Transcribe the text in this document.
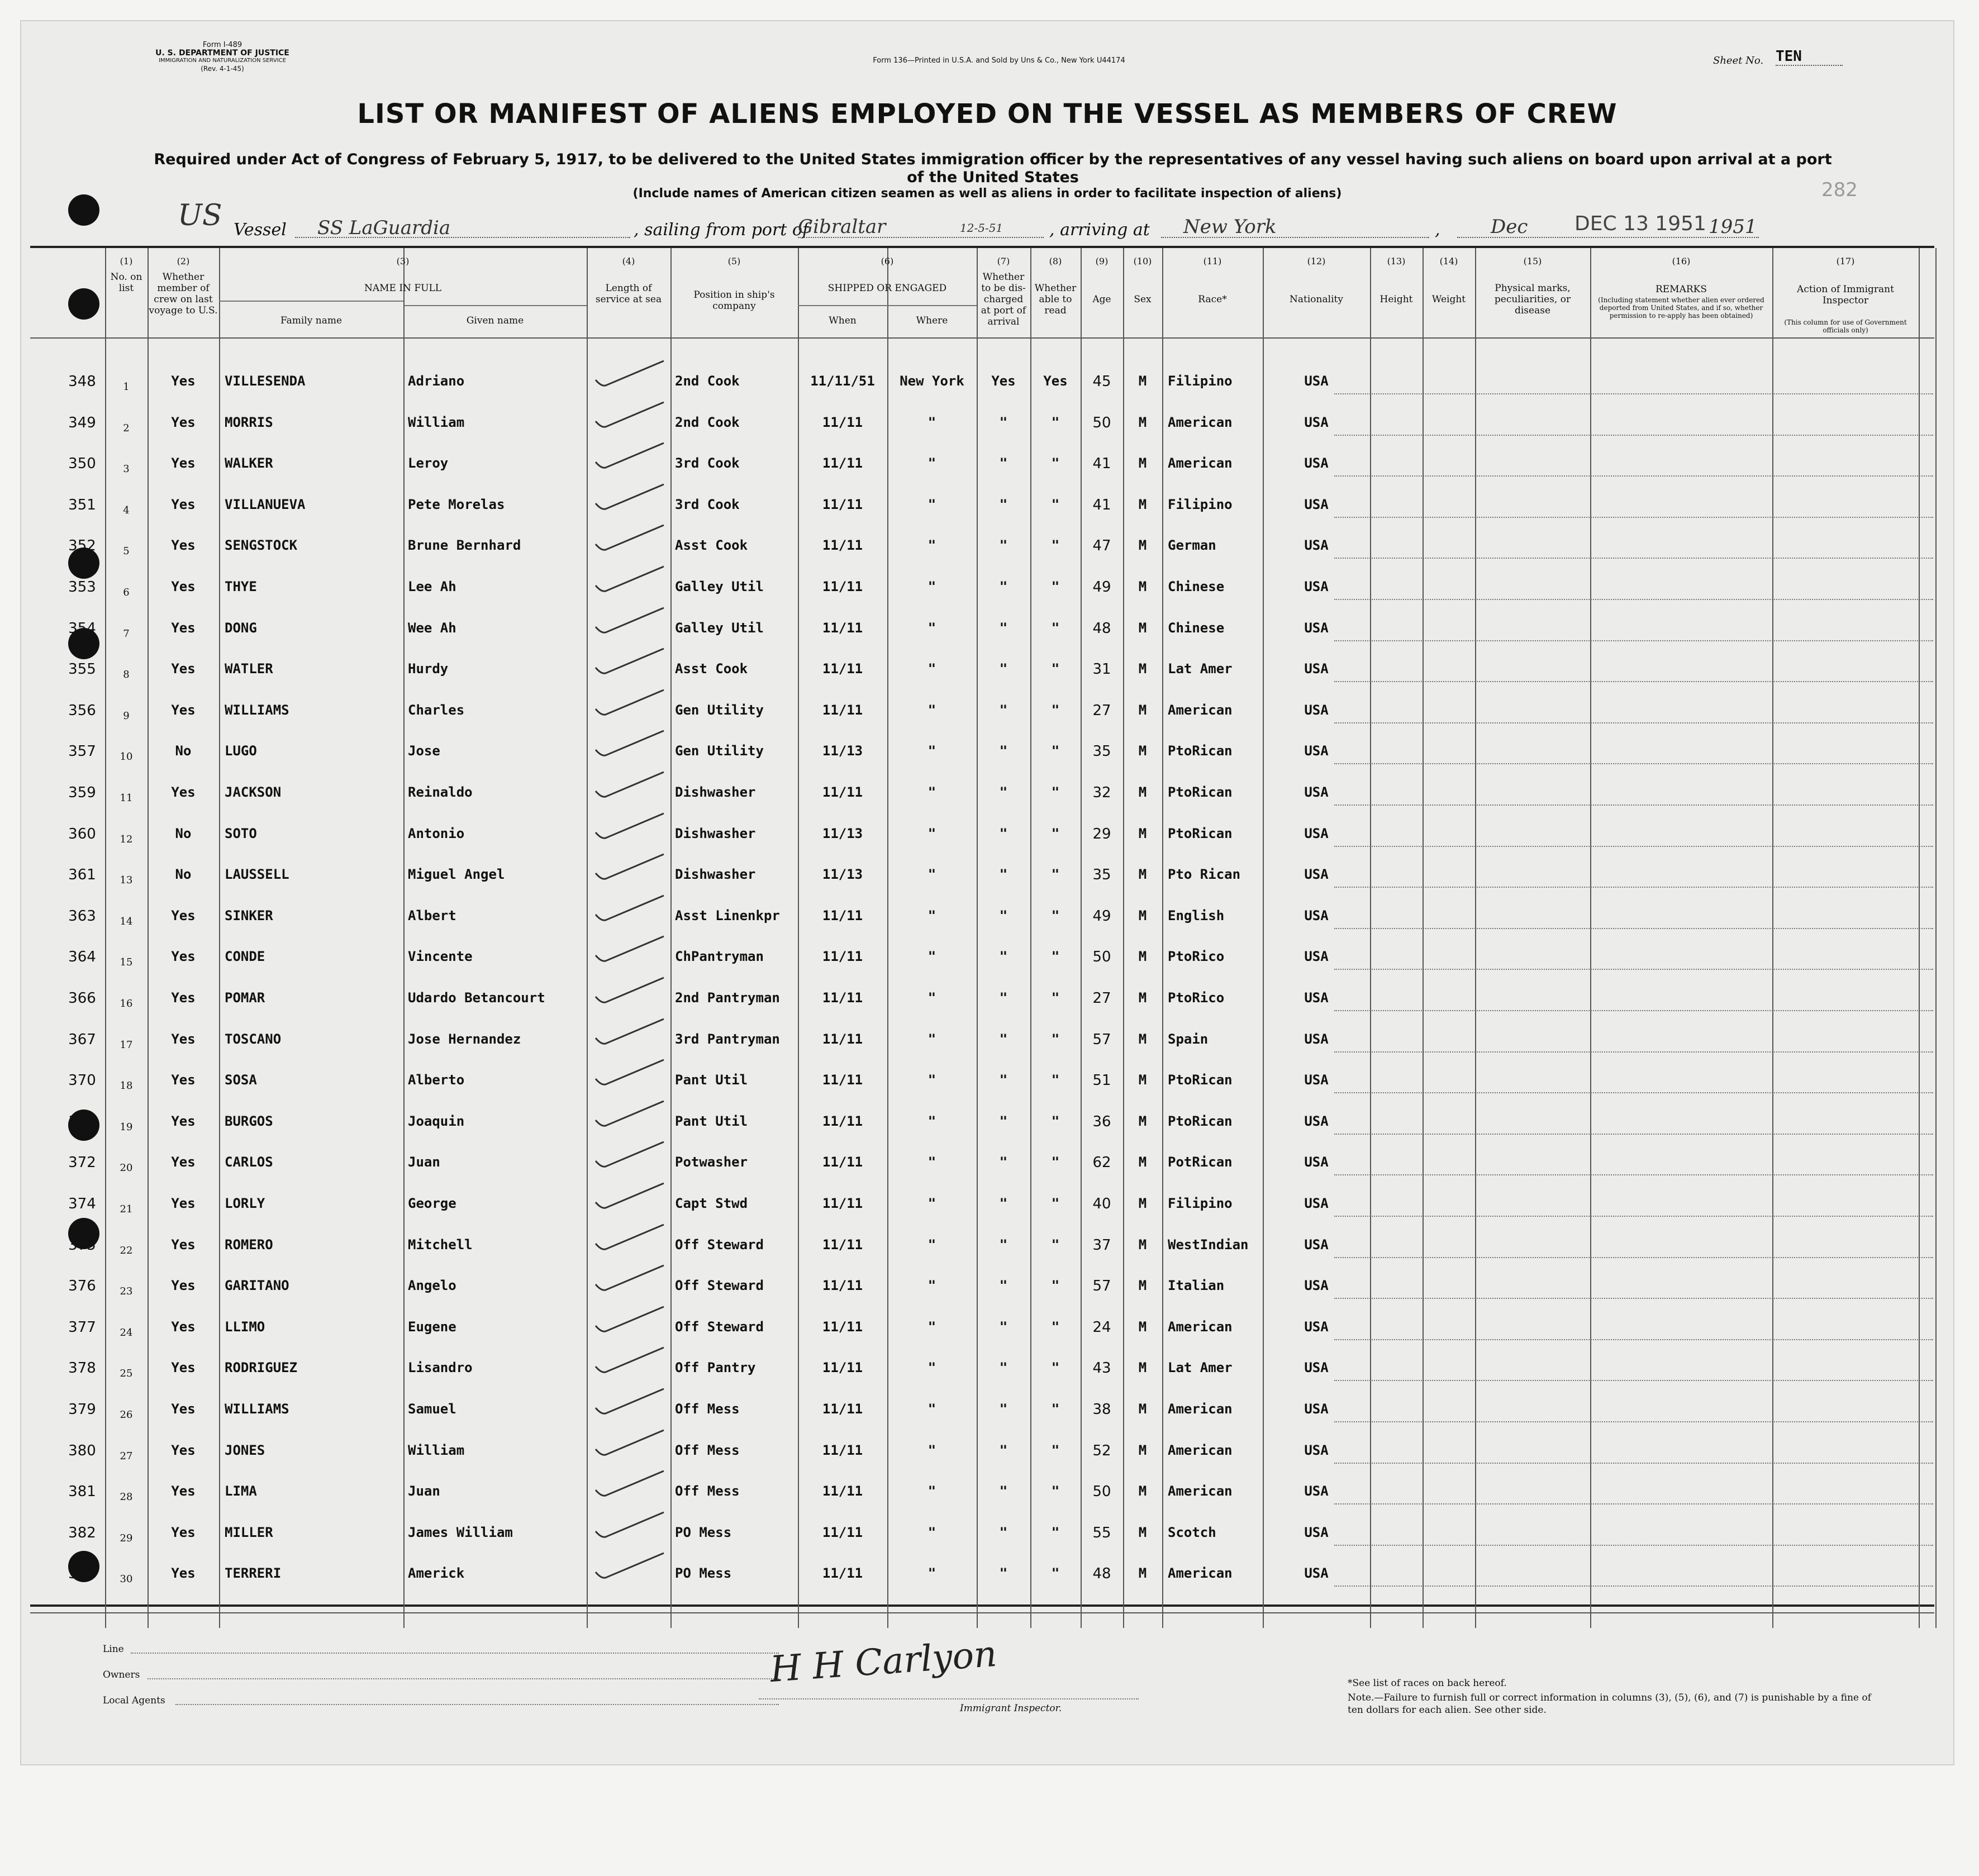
Form I-489
U. S. DEPARTMENT OF JUSTICE
IMMIGRATION AND NATURALIZATION SERVICE
(Rev. 4-1-45)
Form 136—Printed in U.S.A. and Sold by Uns & Co., New York U44174	Sheet No. TEN
LIST OR MANIFEST OF ALIENS EMPLOYED ON THE VESSEL AS MEMBERS OF CREW
Required under Act of Congress of February 5, 1917, to be delivered to the United States immigration officer by the representatives of any vessel having such aliens on board upon arrival at a port of the United States
(Include names of American citizen seamen as well as aliens in order to facilitate inspection of aliens)	282
US Vessel SS LaGuardia	, sailing from port of
Gibraltar	12-5-51	, arriving at New York	,	Dec DEC 13 1951 1951
(1)	(2)	(3)	(4)	(5)	(6)	(7)	(8)	(9)	(10)	(11)	(12)	(13)	(14)	(15)	(16)	(17)
No. on list
Whether member of crew on last voyage to U.S.
NAME IN FULL
Family name	Given name
Length of service at sea	Position in ship's company
SHIPPED OR ENGAGED
When	Where
Whether to be dis-charged at port of arrival
Whether able to read
Age	Sex	Race*	Nationality	Height	Weight
Physical marks, peculiarities, or disease
REMARKS
(Including statement whether alien ever ordered deported from United States, and if so, whether permission to re-apply has been obtained)
Action of Immigrant Inspector
(This column for use of Government officials only)
348	1	Yes	VILLESENDA	Adriano	2nd Cook	11/11/51	New York	Yes	Yes	45	M	Filipino	USA
349	2	Yes	MORRIS	William	2nd Cook	11/11	"	"	"	50	M	American	USA
350	3	Yes	WALKER	Leroy	3rd Cook	11/11	"	"	"	41	M	American	USA
351	4	Yes	VILLANUEVA	Pete Morelas	3rd Cook	11/11	"	"	"	41	M	Filipino	USA
352	5	Yes	SENGSTOCK	Brune Bernhard	Asst Cook	11/11	"	"	"	47	M	German	USA
353	6	Yes	THYE	Lee Ah	Galley Util	11/11	"	"	"	49	M	Chinese	USA
354	7	Yes	DONG	Wee Ah	Galley Util	11/11	"	"	"	48	M	Chinese	USA
355	8	Yes	WATLER	Hurdy	Asst Cook	11/11	"	"	"	31	M	Lat Amer	USA
356	9	Yes	WILLIAMS	Charles	Gen Utility	11/11	"	"	"	27	M	American	USA
357	10	No	LUGO	Jose	Gen Utility	11/13	"	"	"	35	M	PtoRican	USA
359	11	Yes	JACKSON	Reinaldo	Dishwasher	11/11	"	"	"	32	M	PtoRican	USA
360	12	No	SOTO	Antonio	Dishwasher	11/13	"	"	"	29	M	PtoRican	USA
361	13	No	LAUSSELL	Miguel Angel	Dishwasher	11/13	"	"	"	35	M	Pto Rican	USA
363	14	Yes	SINKER	Albert	Asst Linenkpr	11/11	"	"	"	49	M	English	USA
364	15	Yes	CONDE	Vincente	ChPantryman	11/11	"	"	"	50	M	PtoRico	USA
366	16	Yes	POMAR	Udardo Betancourt	2nd Pantryman	11/11	"	"	"	27	M	PtoRico	USA
367	17	Yes	TOSCANO	Jose Hernandez	3rd Pantryman	11/11	"	"	"	57	M	Spain	USA
370	18	Yes	SOSA	Alberto	Pant Util	11/11	"	"	"	51	M	PtoRican	USA
371	19	Yes	BURGOS	Joaquin	Pant Util	11/11	"	"	"	36	M	PtoRican	USA
372	20	Yes	CARLOS	Juan	Potwasher	11/11	"	"	"	62	M	PotRican	USA
374	21	Yes	LORLY	George	Capt Stwd	11/11	"	"	"	40	M	Filipino	USA
375	22	Yes	ROMERO	Mitchell	Off Steward	11/11	"	"	"	37	M	WestIndian	USA
376	23	Yes	GARITANO	Angelo	Off Steward	11/11	"	"	"	57	M	Italian	USA
377	24	Yes	LLIMO	Eugene	Off Steward	11/11	"	"	"	24	M	American	USA
378	25	Yes	RODRIGUEZ	Lisandro	Off Pantry	11/11	"	"	"	43	M	Lat Amer	USA
379	26	Yes	WILLIAMS	Samuel	Off Mess	11/11	"	"	"	38	M	American	USA
380	27	Yes	JONES	William	Off Mess	11/11	"	"	"	52	M	American	USA
381	28	Yes	LIMA	Juan	Off Mess	11/11	"	"	"	50	M	American	USA
382	29	Yes	MILLER	James William	PO Mess	11/11	"	"	"	55	M	Scotch	USA
383	30	Yes	TERRERI	Americk	PO Mess	11/11	"	"	"	48	M	American	USA
Line
Owners
Local Agents
H H Carlyon
Immigrant Inspector.
*See list of races on back hereof.
Note.—Failure to furnish full or correct information in columns (3), (5), (6), and (7) is punishable by a fine of ten dollars for each alien. See other side.
